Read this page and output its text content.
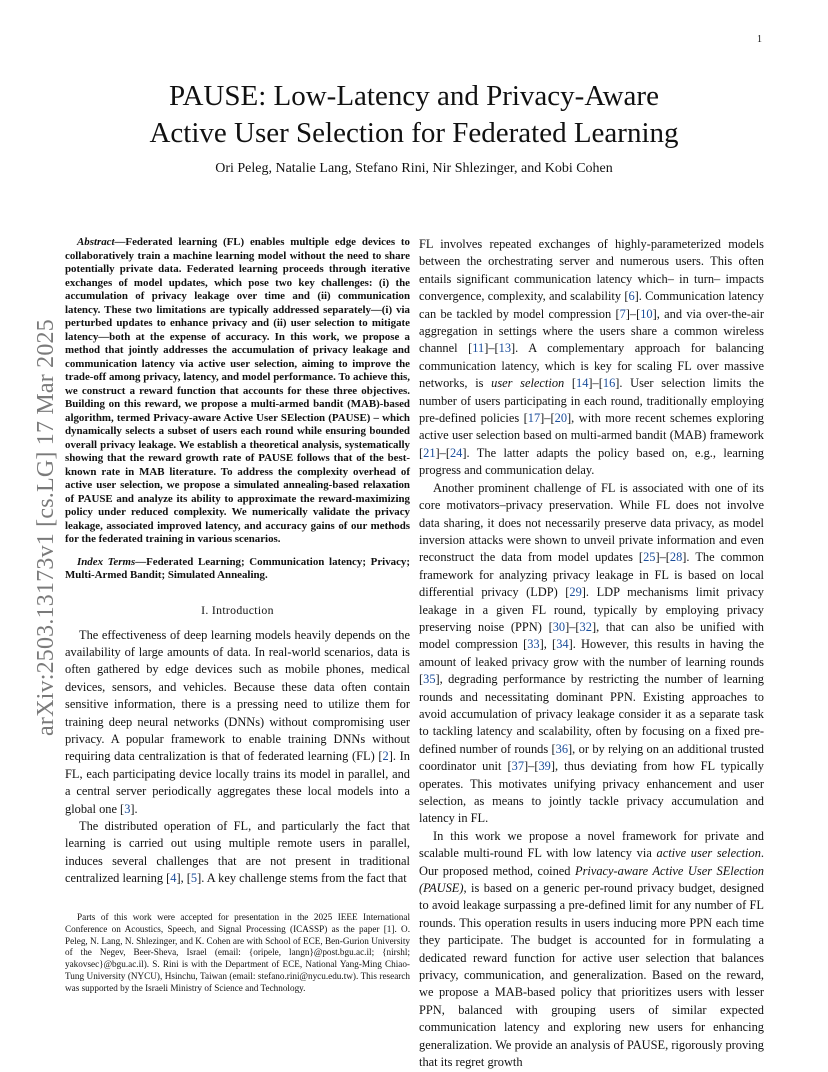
1
arXiv:2503.13173v1 [cs.LG] 17 Mar 2025
PAUSE: Low-Latency and Privacy-Aware
Active User Selection for Federated Learning
Ori Peleg, Natalie Lang, Stefano Rini, Nir Shlezinger, and Kobi Cohen

Abstract—Federated learning (FL) enables multiple edge devices to collaboratively train a machine learning model without the need to share potentially private data. Federated learning proceeds through iterative exchanges of model updates, which pose two key challenges: (i) the accumulation of privacy leakage over time and (ii) communication latency. These two limitations are typically addressed separately—(i) via perturbed updates to enhance privacy and (ii) user selection to mitigate latency—both at the expense of accuracy. In this work, we propose a method that jointly addresses the accumulation of privacy leakage and communication latency via active user selection, aiming to improve the trade-off among privacy, latency, and model performance. To achieve this, we construct a reward function that accounts for these three objectives. Building on this reward, we propose a multi-armed bandit (MAB)-based algorithm, termed Privacy-aware Active User SElection (PAUSE) – which dynamically selects a subset of users each round while ensuring bounded overall privacy leakage. We establish a theoretical analysis, systematically showing that the reward growth rate of PAUSE follows that of the best-known rate in MAB literature. To address the complexity overhead of active user selection, we propose a simulated annealing-based relaxation of PAUSE and analyze its ability to approximate the reward-maximizing policy under reduced complexity. We numerically validate the privacy leakage, associated improved latency, and accuracy gains of our methods for the federated training in various scenarios.

Index Terms—Federated Learning; Communication latency; Privacy; Multi-Armed Bandit; Simulated Annealing.

I. Introduction

The effectiveness of deep learning models heavily depends on the availability of large amounts of data. In real-world scenarios, data is often gathered by edge devices such as mobile phones, medical devices, sensors, and vehicles. Because these data often contain sensitive information, there is a pressing need to utilize them for training deep neural networks (DNNs) without compromising user privacy. A popular framework to enable training DNNs without requiring data centralization is that of federated learning (FL) [2]. In FL, each participating device locally trains its model in parallel, and a central server periodically aggregates these local models into a global one [3].

The distributed operation of FL, and particularly the fact that learning is carried out using multiple remote users in parallel, induces several challenges that are not present in traditional centralized learning [4], [5]. A key challenge stems from the fact that

Parts of this work were accepted for presentation in the 2025 IEEE International Conference on Acoustics, Speech, and Signal Processing (ICASSP) as the paper [1]. O. Peleg, N. Lang, N. Shlezinger, and K. Cohen are with School of ECE, Ben-Gurion University of the Negev, Beer-Sheva, Israel (email: {oripele, langn}@post.bgu.ac.il; {nirshl; yakovsec}@bgu.ac.il). S. Rini is with the Department of ECE, National Yang-Ming Chiao-Tung University (NYCU), Hsinchu, Taiwan (email: stefano.rini@nycu.edu.tw). This research was supported by the Israeli Ministry of Science and Technology.

FL involves repeated exchanges of highly-parameterized models between the orchestrating server and numerous users. This often entails significant communication latency which– in turn– impacts convergence, complexity, and scalability [6]. Communication latency can be tackled by model compression [7]–[10], and via over-the-air aggregation in settings where the users share a common wireless channel [11]–[13]. A complementary approach for balancing communication latency, which is key for scaling FL over massive networks, is user selection [14]–[16]. User selection limits the number of users participating in each round, traditionally employing pre-defined policies [17]–[20], with more recent schemes exploring active user selection based on multi-armed bandit (MAB) framework [21]–[24]. The latter adapts the policy based on, e.g., learning progress and communication delay.

Another prominent challenge of FL is associated with one of its core motivators–privacy preservation. While FL does not involve data sharing, it does not necessarily preserve data privacy, as model inversion attacks were shown to unveil private information and even reconstruct the data from model updates [25]–[28]. The common framework for analyzing privacy leakage in FL is based on local differential privacy (LDP) [29]. LDP mechanisms limit privacy leakage in a given FL round, typically by employing privacy preserving noise (PPN) [30]–[32], that can also be unified with model compression [33], [34]. However, this results in having the amount of leaked privacy grow with the number of learning rounds [35], degrading performance by restricting the number of learning rounds and necessitating dominant PPN. Existing approaches to avoid accumulation of privacy leakage consider it as a separate task to tackling latency and scalability, often by focusing on a fixed pre-defined number of rounds [36], or by relying on an additional trusted coordinator unit [37]–[39], thus deviating from how FL typically operates. This motivates unifying privacy enhancement and user selection, as means to jointly tackle privacy accumulation and latency in FL.

In this work we propose a novel framework for private and scalable multi-round FL with low latency via active user selection. Our proposed method, coined Privacy-aware Active User SElection (PAUSE), is based on a generic per-round privacy budget, designed to avoid leakage surpassing a pre-defined limit for any number of FL rounds. This operation results in users inducing more PPN each time they participate. The budget is accounted for in formulating a dedicated reward function for active user selection that balances privacy, communication, and generalization. Based on the reward, we propose a MAB-based policy that prioritizes users with lesser PPN, balanced with grouping users of similar expected communication latency and exploring new users for enhancing generalization. We provide an analysis of PAUSE, rigorously proving that its regret growth
